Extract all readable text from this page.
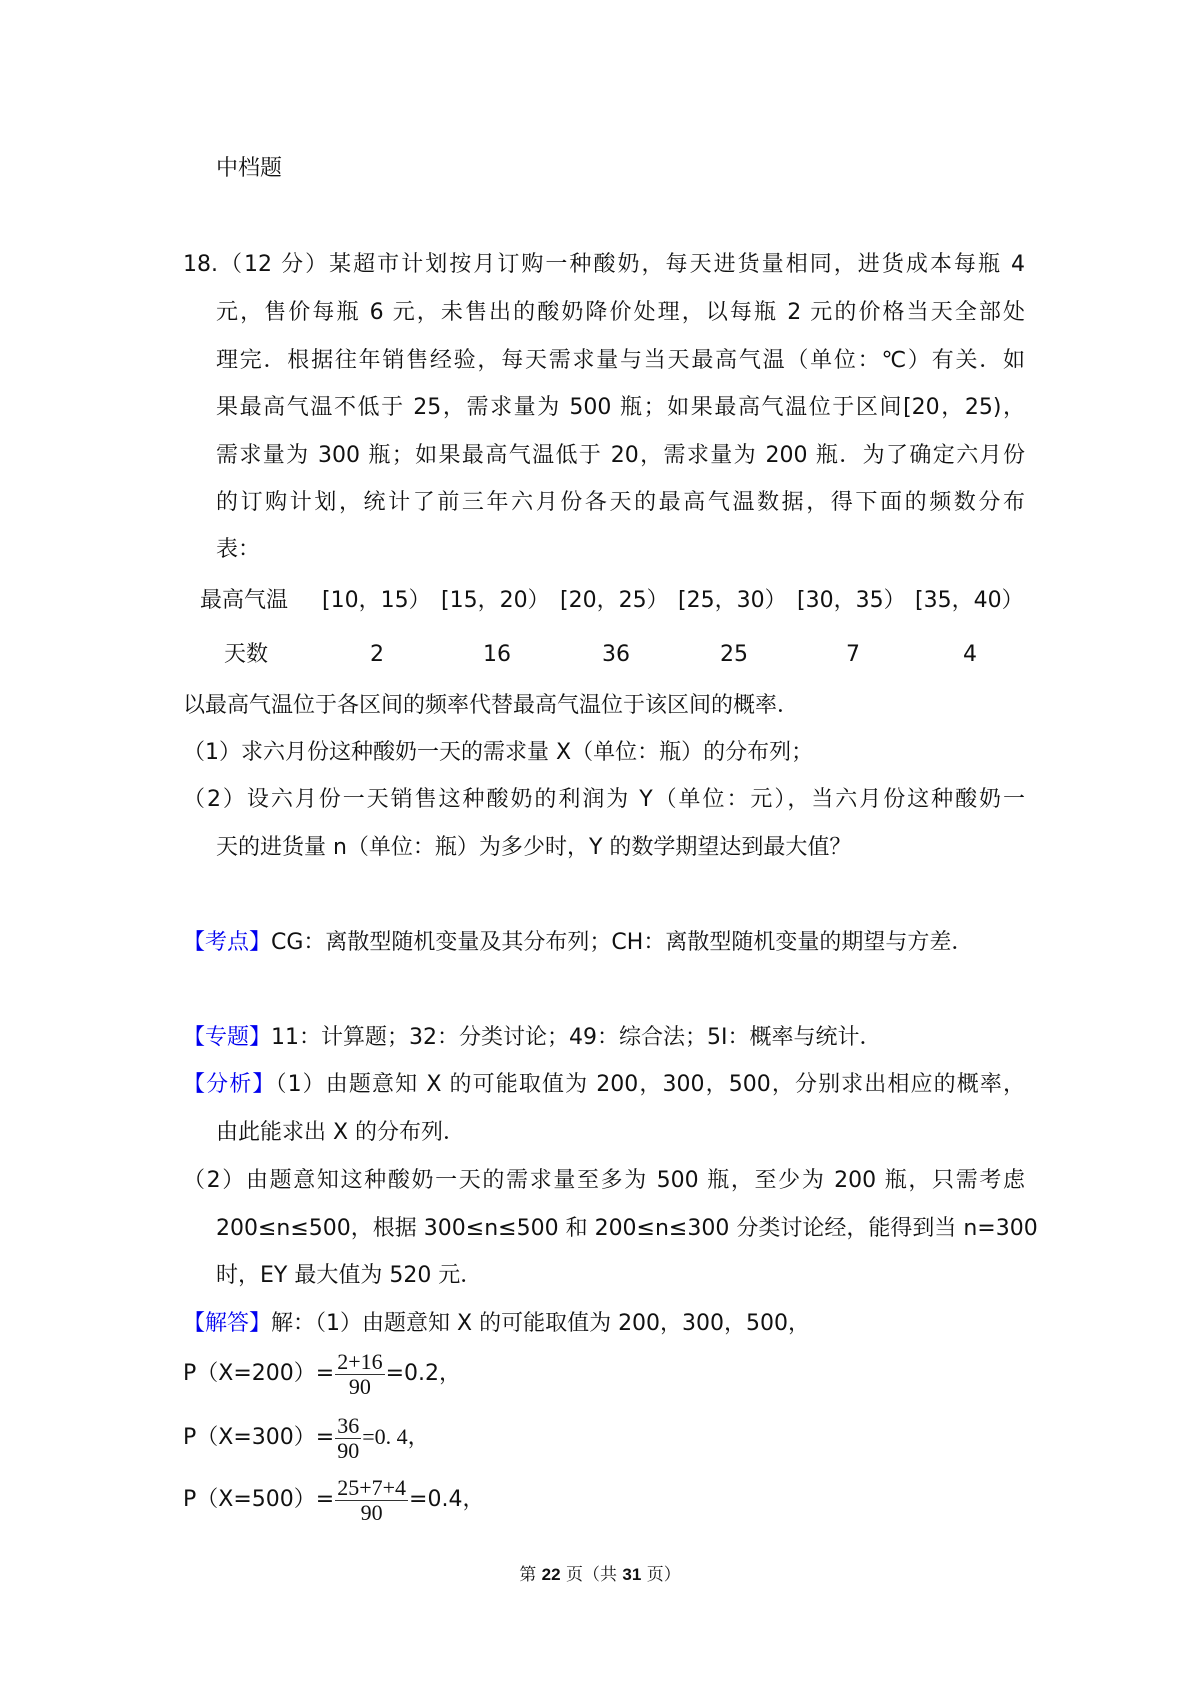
中档题
18.（12 分）某超市计划按月订购一种酸奶，每天进货量相同，进货成本每瓶 4
元，售价每瓶 6 元，未售出的酸奶降价处理，以每瓶 2 元的价格当天全部处
理完．根据往年销售经验，每天需求量与当天最高气温（单位：℃）有关．如
果最高气温不低于 25，需求量为 500 瓶；如果最高气温位于区间[20，25)，
需求量为 300 瓶；如果最高气温低于 20，需求量为 200 瓶．为了确定六月份
的订购计划，统计了前三年六月份各天的最高气温数据，得下面的频数分布
表：
最高气温 [10，15） [15，20） [20，25） [25，30） [30，35） [35，40）
天数	2	16	36	25	7	4
以最高气温位于各区间的频率代替最高气温位于该区间的概率．
（1）求六月份这种酸奶一天的需求量 X（单位：瓶）的分布列；
（2）设六月份一天销售这种酸奶的利润为 Y（单位：元），当六月份这种酸奶一
天的进货量 n（单位：瓶）为多少时，Y 的数学期望达到最大值？
【考点】CG：离散型随机变量及其分布列；CH：离散型随机变量的期望与方差．
【专题】11：计算题；32：分类讨论；49：综合法；5I：概率与统计．
【分析】（1）由题意知 X 的可能取值为 200，300，500，分别求出相应的概率，
由此能求出 X 的分布列．
（2）由题意知这种酸奶一天的需求量至多为 500 瓶，至少为 200 瓶，只需考虑
200≤n≤500，根据 300≤n≤500 和 200≤n≤300 分类讨论经，能得到当 n=300
时，EY 最大值为 520 元．
【解答】解：（1）由题意知 X 的可能取值为 200，300，500，
$P(X=200)= \frac{2+16}{90} =0.2$，
$P(X=300)= \frac{36}{90} =0$. 4，
$P(X=500)= \frac{25+7+4}{90} =0.4$，
第 22 页（共 31 页）
